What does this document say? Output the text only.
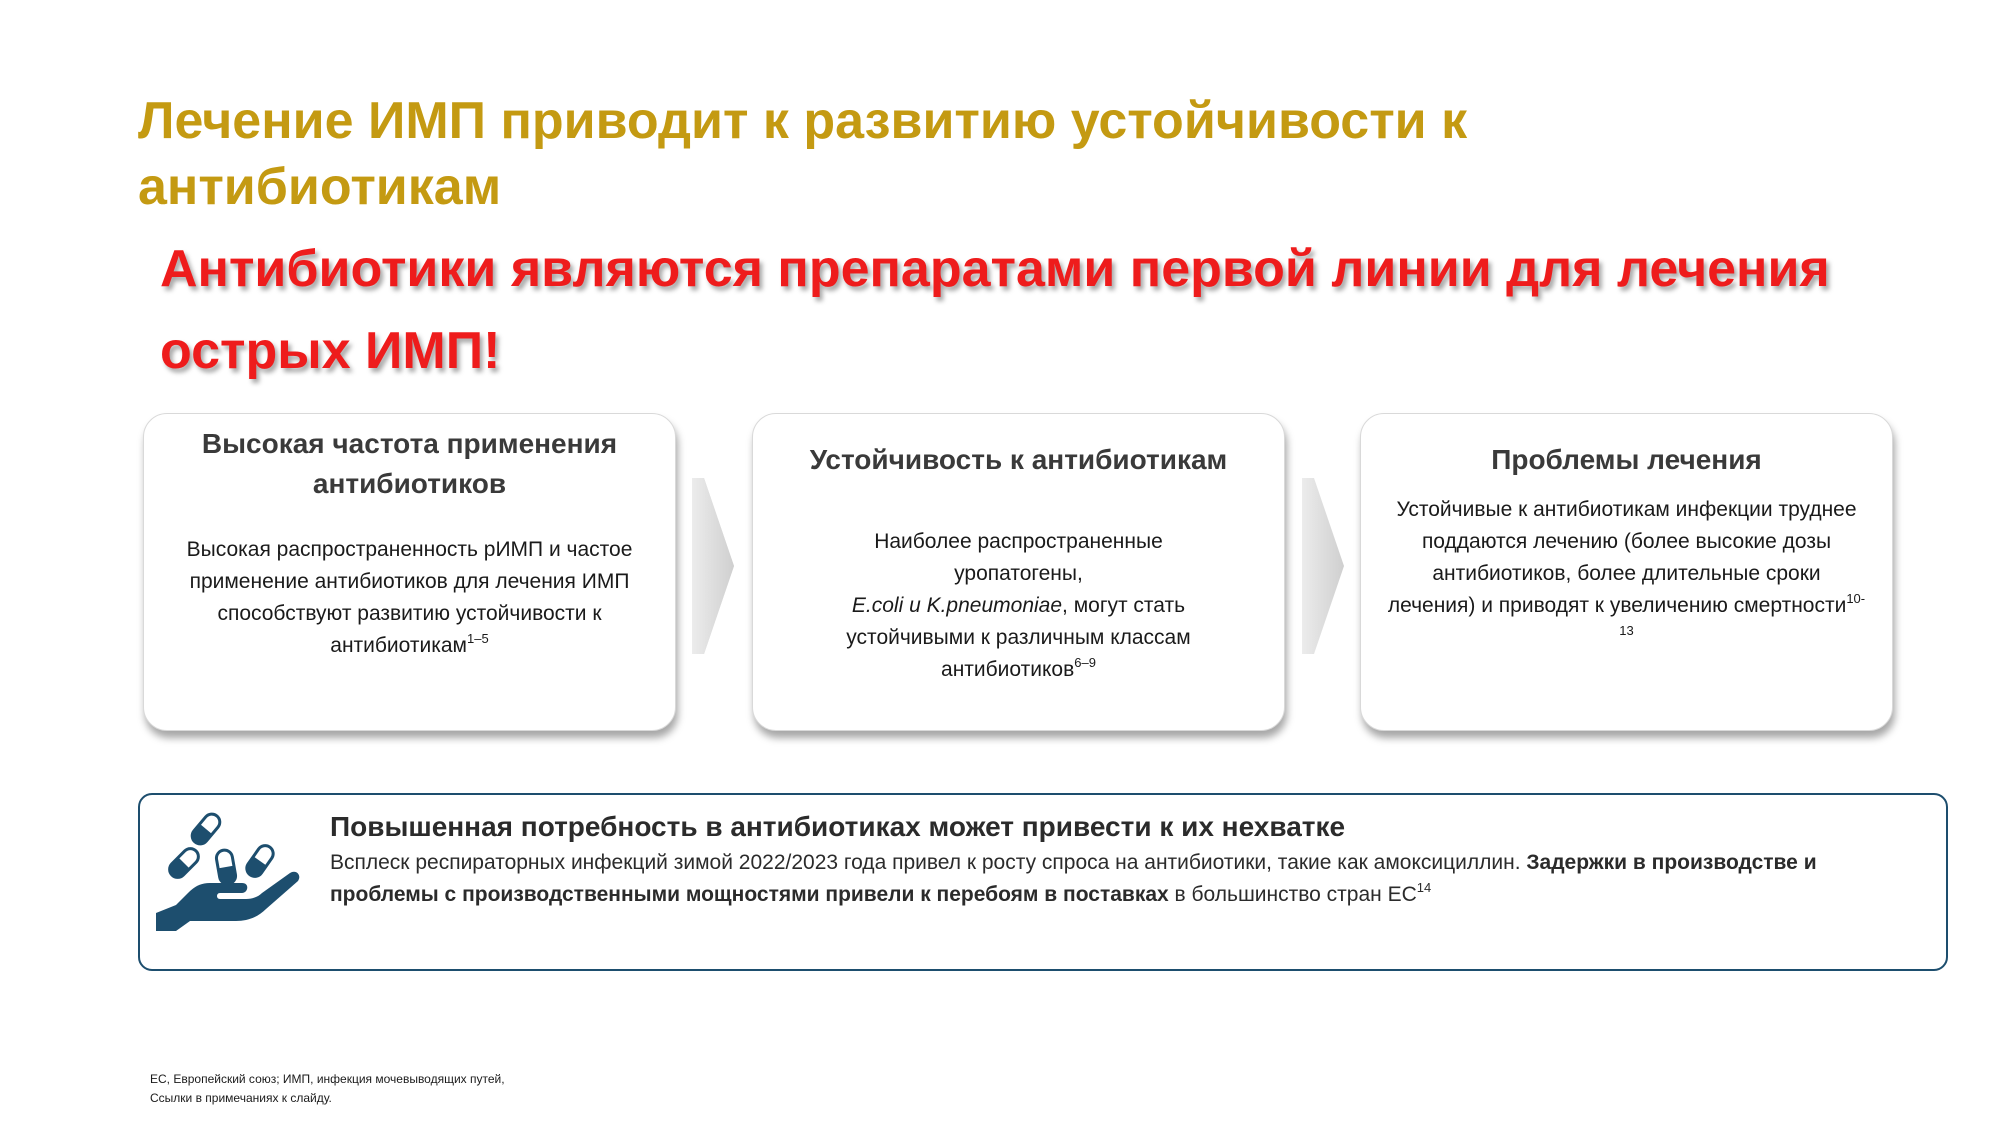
Лечение ИМП приводит к развитию устойчивости к антибиотикам

Антибиотики являются препаратами первой линии для лечения острых ИМП!

Высокая частота применения антибиотиков

Высокая распространенность рИМП и частое применение антибиотиков для лечения ИМП способствуют развитию устойчивости к антибиотикам$^{1-5}$

Устойчивость к антибиотикам

Наиболее распространенные уропатогены,
E.coli и K.pneumoniae, могут стать устойчивыми к различным классам антибиотиков$^{6-9}$

Проблемы лечения

Устойчивые к антибиотикам инфекции труднее поддаются лечению (более высокие дозы антибиотиков, более длительные сроки лечения) и приводят к увеличению смертности$^{10-13}$

Повышенная потребность в антибиотиках может привести к их нехватке

Всплеск респираторных инфекций зимой 2022/2023 года привел к росту спроса на антибиотики, такие как амоксициллин. Задержки в производстве и проблемы с производственными мощностями привели к перебоям в поставках в большинство стран ЕС$^{14}$

ЕС, Европейский союз; ИМП, инфекция мочевыводящих путей,
Ссылки в примечаниях к слайду.
